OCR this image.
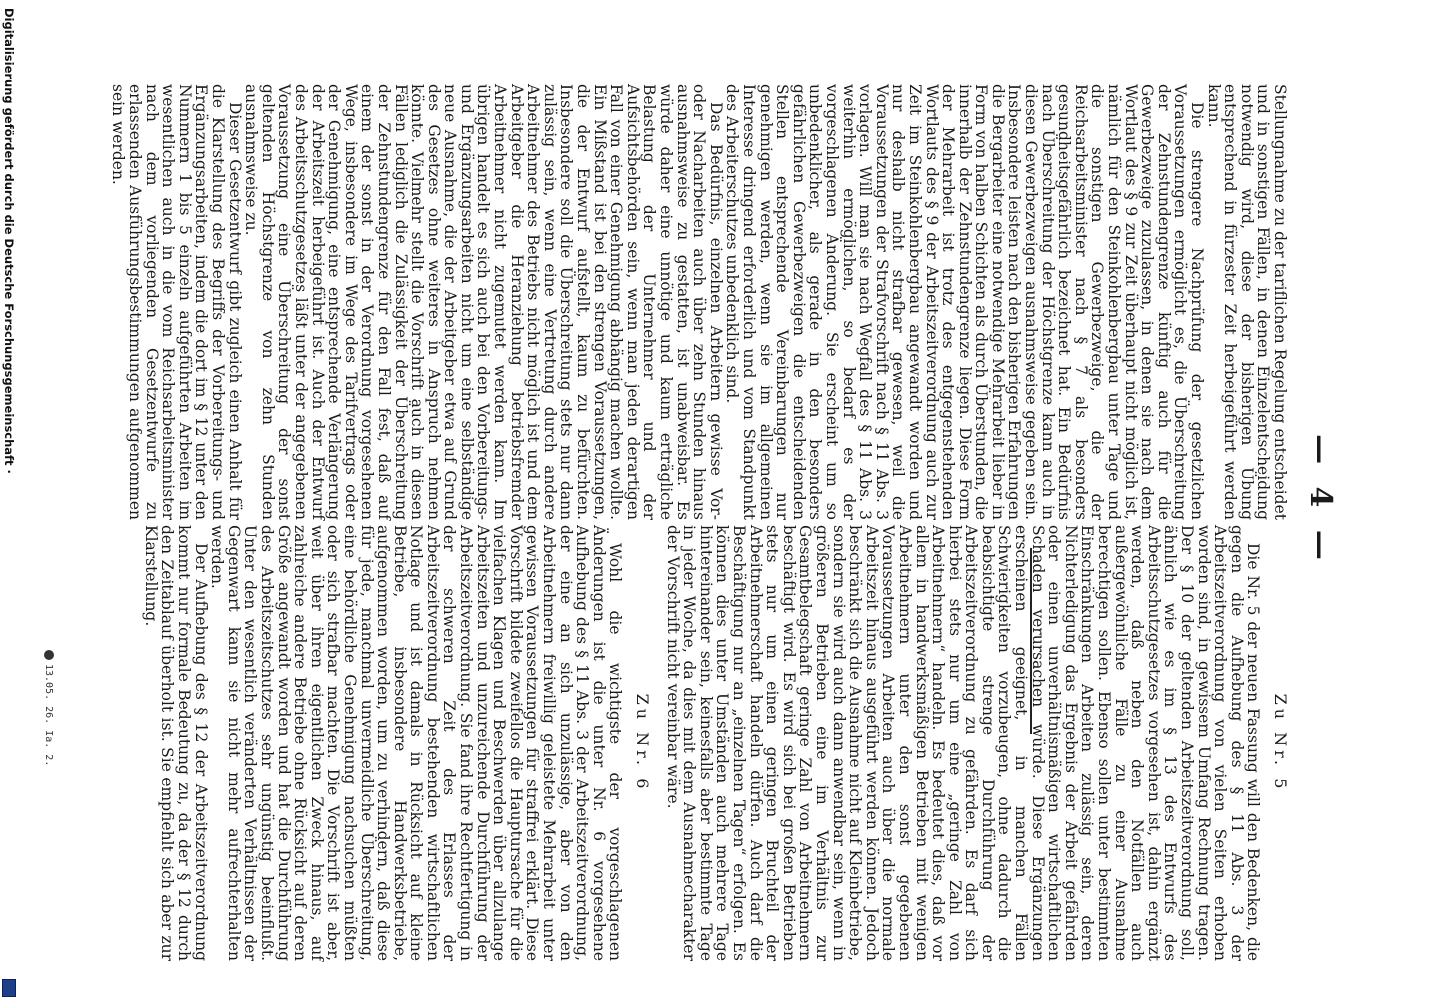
— 4 —

Stellungnahme zu der tariflichen Regelung entscheidet und in sonstigen Fällen, in denen Einzelentscheidung notwendig wird, diese der bisherigen Übung entsprechend in fürzester Zeit herbeigeführt werden kann.

Die strengere Nachprüfung der gesetzlichen Voraussetzungen ermöglicht es, die Überschreitung der Zehnstundengrenze künftig auch für die Gewerbezweige zuzulassen, in denen sie nach dem Wortlaut des § 9 zur Zeit überhaupt nicht möglich ist, nämlich für den Steinkohlenbergbau unter Tage und die sonstigen Gewerbezweige, die der Reichsarbeitsminister nach § 7 als besonders gesundheitsgefährlich bezeichnet hat. Ein Bedürfnis nach Überschreitung der Höchstgrenze kann auch in diesen Gewerbezweigen ausnahmsweise gegeben sein. Insbesondere leisten nach den bisherigen Erfahrungen die Bergarbeiter eine notwendige Mehrarbeit lieber in Form von halben Schichten als durch Überstunden, die innerhalb der Zehnstundengrenze liegen. Diese Form der Mehrarbeit ist trotz des entgegenstehenden Wortlauts des § 9 der Arbeitszeitverordnung auch zur Zeit im Steinkohlenbergbau angewandt worden und nur deshalb nicht strafbar gewesen, weil die Voraussetzungen der Strafvorschrift nach § 11 Abs. 3 vorlagen. Will man sie nach Wegfall des § 11 Abs. 3 weiterhin ermöglichen, so bedarf es der vorgeschlagenen Änderung. Sie erscheint um so unbedenklicher, als gerade in den besonders gefährlichen Gewerbezweigen die entscheidenden Stellen entsprechende Vereinbarungen nur genehmigen werden, wenn sie im allgemeinen Interesse dringend erforderlich und vom Standpunkt des Arbeiterschutzes unbedenklich sind.

Das Bedürfnis, einzelnen Arbeitern gewisse Vor- oder Nacharbeiten auch über zehn Stunden hinaus ausnahmsweise zu gestatten, ist unabweisbar. Es würde daher eine unnötige und kaum erträgliche Belastung der Unternehmer und der Aufsichtsbehörden sein, wenn man jeden derartigen Fall von einer Genehmigung abhängig machen wollte. Ein Mißstand ist bei den strengen Voraussetzungen, die der Entwurf aufstellt, kaum zu befürchten. Insbesondere soll die Überschreitung stets nur dann zulässig sein, wenn eine Vertretung durch andere Arbeitnehmer des Betriebs nicht möglich ist und dem Arbeitgeber die Heranziehung betriebsfremder Arbeitnehmer nicht zugemutet werden kann. Im übrigen handelt es sich auch bei den Vorbereitungs- und Ergänzungsarbeiten nicht um eine selbständige neue Ausnahme, die der Arbeitgeber etwa auf Grund des Gesetzes ohne weiteres in Anspruch nehmen könnte. Vielmehr stellt die Vorschrift auch in diesen Fällen lediglich die Zulässigkeit der Überschreitung der Zehnstundengrenze für den Fall fest, daß auf einem der sonst in der Verordnung vorgesehenen Wege, insbesondere im Wege des Tarifvertrags oder der Genehmigung, eine entsprechende Verlängerung der Arbeitszeit herbeigeführt ist. Auch der Entwurf des Arbeitsschutzgesetzes läßt unter der angegebenen Voraussetzung eine Überschreitung der sonst geltenden Höchstgrenze von zehn Stunden ausnahmsweise zu.

Dieser Gesetzentwurf gibt zugleich einen Anhalt für die Klarstellung des Begriffs der Vorbereitungs- und Ergänzungsarbeiten, indem die dort im § 12 unter den Nummern 1 bis 5 einzeln aufgeführten Arbeiten im wesentlichen auch in die vom Reichsarbeitsminister nach dem vorliegenden Gesetzentwurfe zu erlassenden Ausführungsbestimmungen aufgenommen sein werden.

Zu Nr. 5

Die Nr. 5 der neuen Fassung will den Bedenken, die gegen die Aufhebung des § 11 Abs. 3 der Arbeitszeitverordnung von vielen Seiten erhoben worden sind, in gewissem Umfang Rechnung tragen. Der § 10 der geltenden Arbeitszeitverordnung soll, ähnlich wie es im § 13 des Entwurfs des Arbeitsschutzgesetzes vorgesehen ist, dahin ergänzt werden, daß neben den Notfällen auch außergewöhnliche Fälle zu einer Ausnahme berechtigen sollen. Ebenso sollen unter bestimmten Einschränkungen Arbeiten zulässig sein, deren Nichterledigung das Ergebnis der Arbeit gefährden oder einen unverhältnismäßigen wirtschaftlichen Schaden verursachen würde. Diese Ergänzungen erscheinen geeignet, in manchen Fällen Schwierigkeiten vorzubeugen, ohne dadurch die beabsichtigte strenge Durchführung der Arbeitszeitverordnung zu gefährden. Es darf sich hierbei stets nur um eine „geringe Zahl von Arbeitnehmern“ handeln. Es bedeutet dies, daß vor allem in handwerksmäßigen Betrieben mit wenigen Arbeitnehmern unter den sonst gegebenen Voraussetzungen Arbeiten auch über die normale Arbeitszeit hinaus ausgeführt werden können. Jedoch beschränkt sich die Ausnahme nicht auf Kleinbetriebe, sondern sie wird auch dann anwendbar sein, wenn in größeren Betrieben eine im Verhältnis zur Gesamtbelegschaft geringe Zahl von Arbeitnehmern beschäftigt wird. Es wird sich bei großen Betrieben stets nur um einen geringen Bruchteil der Arbeitnehmerschaft handeln dürfen. Auch darf die Beschäftigung nur an „einzelnen Tagen“ erfolgen. Es können dies unter Umständen auch mehrere Tage hintereinander sein, keinesfalls aber bestimmte Tage in jeder Woche, da dies mit dem Ausnahmecharakter der Vorschrift nicht vereinbar wäre.

Zu Nr. 6

Wohl die wichtigste der vorgeschlagenen Änderungen ist die unter Nr. 6 vorgesehene Aufhebung des § 11 Abs. 3 der Arbeitszeitverordnung, der eine an sich unzulässige, aber von den Arbeitnehmern freiwillig geleistete Mehrarbeit unter gewissen Voraussetzungen für straffrei erklärt. Diese Vorschrift bildete zweifellos die Hauptursache für die vielfachen Klagen und Beschwerden über allzulange Arbeitszeiten und unzureichende Durchführung der Arbeitszeitverordnung. Sie fand ihre Rechtfertigung in der schweren Zeit des Erlasses der Arbeitszeitverordnung bestehenden wirtschaftlichen Notlage und ist damals in Rücksicht auf kleine Betriebe, insbesondere Handwerksbetriebe, aufgenommen worden, um zu verhindern, daß diese für jede, manchmal unvermeidliche Überschreitung, eine behördliche Genehmigung nachsuchen müßten oder sich strafbar machten. Die Vorschrift ist aber, weit über ihren eigentlichen Zweck hinaus, auf zahlreiche andere Betriebe ohne Rücksicht auf deren Größe angewandt worden und hat die Durchführung des Arbeitszeitschutzes sehr ungünstig beeinflußt. Unter den wesentlich veränderten Verhältnissen der Gegenwart kann sie nicht mehr aufrechterhalten werden.

Der Aufhebung des § 12 der Arbeitszeitverordnung kommt nur formale Bedeutung zu, da der § 12 durch den Zeitablauf überholt ist. Sie empfiehlt sich aber zur Klarstellung.

13.05. 26. Ia. 2.
Digitalisierung gefördert durch die Deutsche Forschungsgemeinschaft ·
